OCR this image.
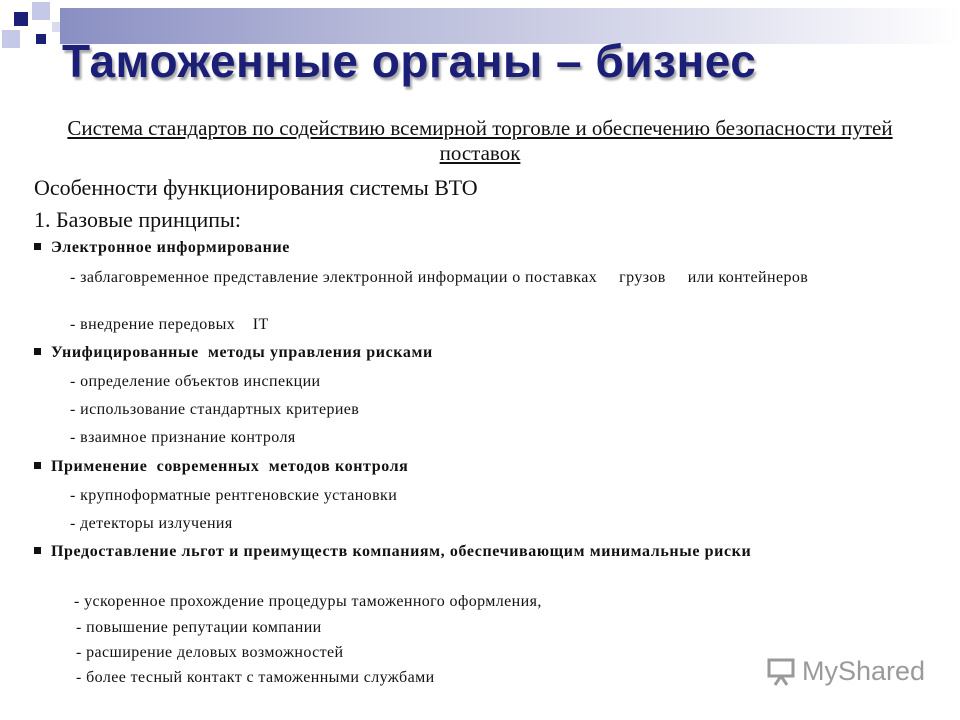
Таможенные органы – бизнес
Система стандартов по содействию всемирной торговле и обеспечению безопасности путей поставок
Особенности функционирования системы ВТО
1. Базовые принципы:
Электронное информирование
- заблаговременное представление электронной информации о поставках     грузов     или контейнеров
- внедрение передовых    IT
Унифицированные  методы управления рисками
- определение объектов инспекции
- использование стандартных критериев
- взаимное признание контроля
Применение  современных  методов контроля
- крупноформатные рентгеновские установки
- детекторы излучения
Предоставление льгот и преимуществ компаниям, обеспечивающим минимальные риски
- ускоренное прохождение процедуры таможенного оформления,
- повышение репутации компании
- расширение деловых возможностей
- более тесный контакт с таможенными службами	MyShared
